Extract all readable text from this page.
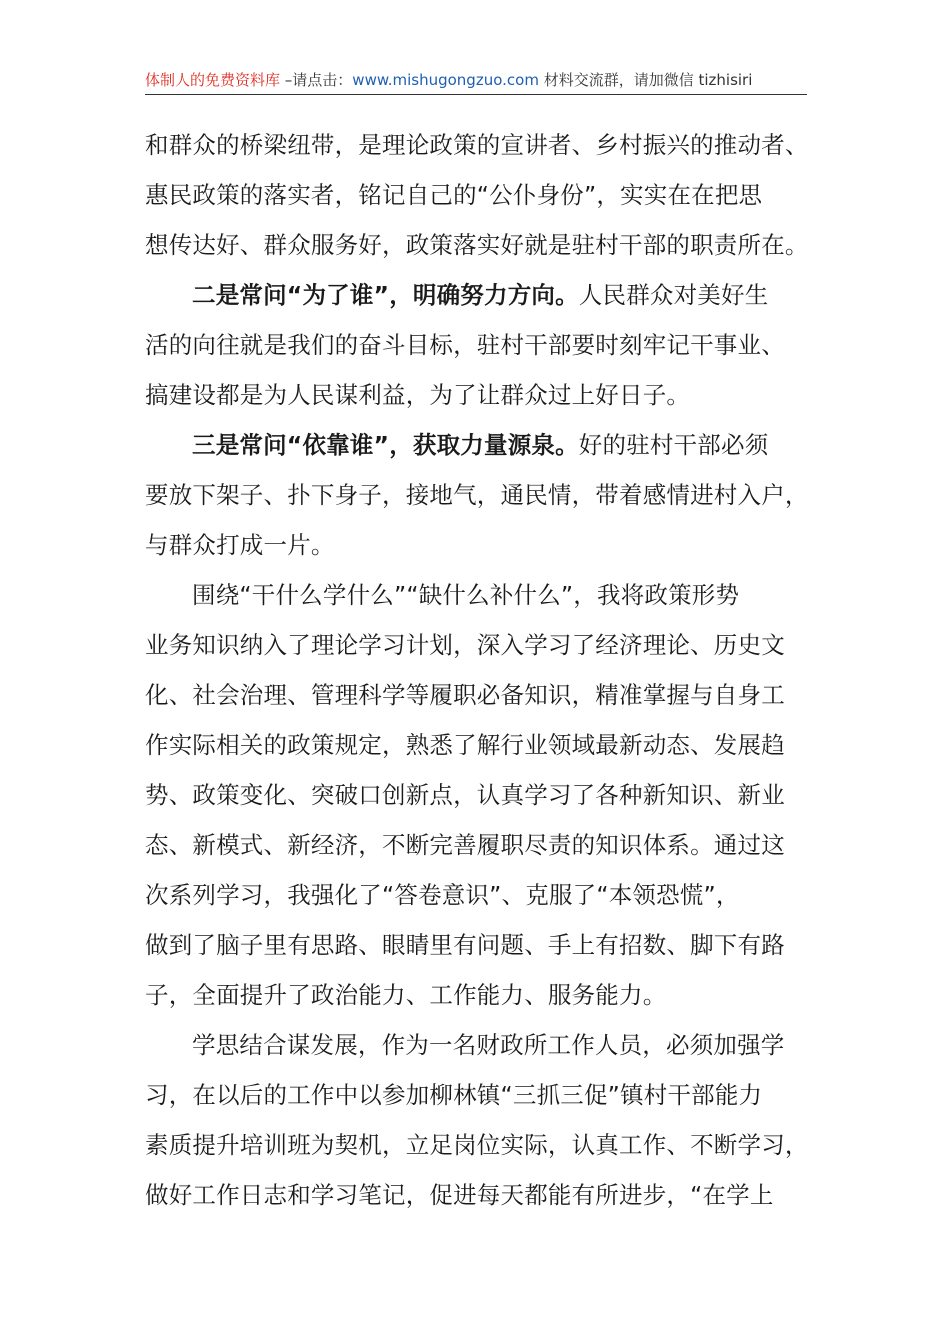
体制人的免费资料库 –请点击：www.mishugongzuo.com 材料交流群，请加微信 tizhisiri
和群众的桥梁纽带，是理论政策的宣讲者、乡村振兴的推动者、
惠民政策的落实者，铭记自己的“公仆身份”，实实在在把思
想传达好、群众服务好，政策落实好就是驻村干部的职责所在。
二是常问“为了谁”，明确努力方向。人民群众对美好生
活的向往就是我们的奋斗目标，驻村干部要时刻牢记干事业、
搞建设都是为人民谋利益，为了让群众过上好日子。
三是常问“依靠谁”，获取力量源泉。好的驻村干部必须
要放下架子、扑下身子，接地气，通民情，带着感情进村入户，
与群众打成一片。
围绕“干什么学什么”“缺什么补什么”，我将政策形势
业务知识纳入了理论学习计划，深入学习了经济理论、历史文
化、社会治理、管理科学等履职必备知识，精准掌握与自身工
作实际相关的政策规定，熟悉了解行业领域最新动态、发展趋
势、政策变化、突破口创新点，认真学习了各种新知识、新业
态、新模式、新经济，不断完善履职尽责的知识体系。通过这
次系列学习，我强化了“答卷意识”、克服了“本领恐慌”，
做到了脑子里有思路、眼睛里有问题、手上有招数、脚下有路
子，全面提升了政治能力、工作能力、服务能力。
学思结合谋发展，作为一名财政所工作人员，必须加强学
习，在以后的工作中以参加柳林镇“三抓三促”镇村干部能力
素质提升培训班为契机，立足岗位实际，认真工作、不断学习，
做好工作日志和学习笔记，促进每天都能有所进步，“在学上
